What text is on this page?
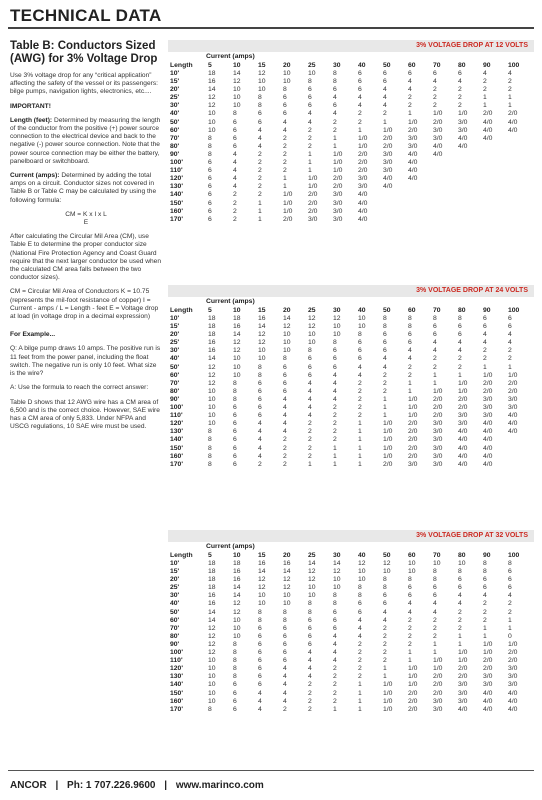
TECHNICAL DATA
Table B: Conductors Sized (AWG) for 3% Voltage Drop

Use 3% voltage drop for any “critical application” affecting the safety of the vessel or its passengers: bilge pumps, navigation lights, electronics, etc....

IMPORTANT!

Length (feet): Determined by measuring the length of the conductor from the positive (+) power source connection to the electrical device and back to the negative (-) power source connection. Note that the power source connection may be either the battery, panelboard or switchboard.

Current (amps): Determined by adding the total amps on a circuit. Conductor sizes not covered in Table B or Table C may be calculated by using the following formula:

CM = K x I x L
E

After calculating the Circular Mil Area (CM), use Table E to determine the proper conductor size (National Fire Protection Agency and Coast Guard require that the next larger conductor be used when the calculated CM area falls between the two conductor sizes).

CM = Circular Mil Area of Conductors K = 10.75 (represents the mil-foot resistance of copper) I = Current - amps / L = Length - feet E = Voltage drop at load (in voltage drop in a decimal expression)

For Example...

Q: A bilge pump draws 10 amps. The positive run is 11 feet from the power panel, including the float switch. The negative run is only 10 feet. What size is the wire?

A: Use the formula to reach the correct answer:

Table D shows that 12 AWG wire has a CM area of 6,500 and is the correct choice. However, SAE wire has a CM area of only 5,833. Under NFPA and USCG regulations, 10 SAE wire must be used.

3% VOLTAGE DROP AT 12 VOLTS
Current (amps)
Length	5	10	15	20	25	30	40	50	60	70	80	90	100
10'	18	14	12	10	10	8	6	6	6	6	6	4	4
15'	16	12	10	10	8	8	6	6	4	4	4	2	2
20'	14	10	10	8	6	6	6	4	4	2	2	2	2
25'	12	10	8	6	6	4	4	4	2	2	2	1	1
30'	12	10	8	6	6	6	4	4	2	2	2	1	1
40'	10	8	6	6	4	4	2	2	1	1/0	1/0	2/0	2/0
50'	10	6	6	4	4	2	2	1	1/0	2/0	3/0	4/0	4/0
60'	10	6	4	4	2	2	1	1/0	2/0	3/0	3/0	4/0	4/0
70'	8	6	4	2	2	1	1/0	2/0	3/0	3/0	4/0	4/0	
80'	8	6	4	2	2	1	1/0	2/0	3/0	4/0	4/0		
90'	8	4	2	2	1	1/0	2/0	3/0	4/0	4/0			
100'	6	4	2	2	1	1/0	2/0	3/0	4/0				
110'	6	4	2	2	1	1/0	2/0	3/0	4/0				
120'	6	4	2	1	1/0	2/0	3/0	4/0	4/0				
130'	6	4	2	1	1/0	2/0	3/0	4/0					
140'	6	2	2	1/0	2/0	3/0	4/0						
150'	6	2	1	1/0	2/0	3/0	4/0						
160'	6	2	1	1/0	2/0	3/0	4/0						
170'	6	2	1	2/0	3/0	3/0	4/0						
3% VOLTAGE DROP AT 24 VOLTS
Current (amps)
Length	5	10	15	20	25	30	40	50	60	70	80	90	100
10'	18	18	16	14	12	12	10	8	8	8	8	6	6
15'	18	16	14	12	12	10	10	8	8	6	6	6	6
20'	18	14	12	10	10	10	8	6	6	6	6	4	4
25'	16	12	12	10	10	8	6	6	6	4	4	4	4
30'	16	12	10	10	8	6	6	6	4	4	4	2	2
40'	14	10	10	8	6	6	6	4	4	2	2	2	2
50'	12	10	8	6	6	6	4	4	2	2	2	1	1
60'	12	10	8	6	6	4	4	2	2	1	1	1/0	1/0
70'	12	8	6	6	4	4	2	2	1	1	1/0	2/0	2/0
80'	10	8	6	6	4	4	2	2	1	1/0	1/0	2/0	2/0
90'	10	8	6	4	4	4	2	1	1/0	2/0	2/0	3/0	3/0
100'	10	6	6	4	4	2	2	1	1/0	2/0	2/0	3/0	3/0
110'	10	6	6	4	4	2	2	1	1/0	2/0	3/0	3/0	4/0
120'	10	6	4	4	2	2	1	1/0	2/0	3/0	3/0	4/0	4/0
130'	8	6	4	4	2	2	1	1/0	2/0	3/0	4/0	4/0	4/0
140'	8	6	4	2	2	2	1	1/0	2/0	3/0	4/0	4/0	
150'	8	6	4	2	2	1	1	1/0	2/0	3/0	4/0	4/0	
160'	8	6	4	2	2	1	1	1/0	2/0	3/0	4/0	4/0	
170'	8	6	2	2	1	1	1	2/0	3/0	3/0	4/0	4/0	
3% VOLTAGE DROP AT 32 VOLTS
Current (amps)
Length	5	10	15	20	25	30	40	50	60	70	80	90	100
10'	18	18	16	16	14	14	12	12	10	10	10	8	8
15'	18	16	14	14	12	12	10	10	10	8	8	8	6
20'	18	16	12	12	12	10	10	8	8	8	6	6	6
25'	18	14	12	12	10	10	8	8	6	6	6	6	6
30'	16	14	10	10	10	8	8	6	6	6	4	4	4
40'	16	12	10	10	8	8	6	6	4	4	4	2	2
50'	14	12	8	8	8	6	6	4	4	4	2	2	2
60'	14	10	8	8	6	6	4	4	2	2	2	2	1
70'	12	10	6	6	6	6	4	2	2	2	2	1	1
80'	12	10	6	6	6	4	4	2	2	2	1	1	0
90'	12	8	6	6	6	4	2	2	2	1	1	1/0	1/0
100'	12	8	6	6	4	4	2	2	1	1	1/0	1/0	2/0
110'	10	8	6	6	4	4	2	2	1	1/0	1/0	2/0	2/0
120'	10	8	6	4	4	2	2	1	1/0	1/0	2/0	2/0	3/0
130'	10	8	6	4	4	2	2	1	1/0	2/0	2/0	3/0	3/0
140'	10	6	6	4	2	2	1	1/0	1/0	2/0	3/0	3/0	3/0
150'	10	6	4	4	2	2	1	1/0	2/0	2/0	3/0	4/0	4/0
160'	10	6	4	4	2	2	1	1/0	2/0	3/0	3/0	4/0	4/0
170'	8	6	4	2	2	1	1	1/0	2/0	3/0	4/0	4/0	4/0
ANCOR | Ph: 1 707.226.9600 | www.marinco.com
